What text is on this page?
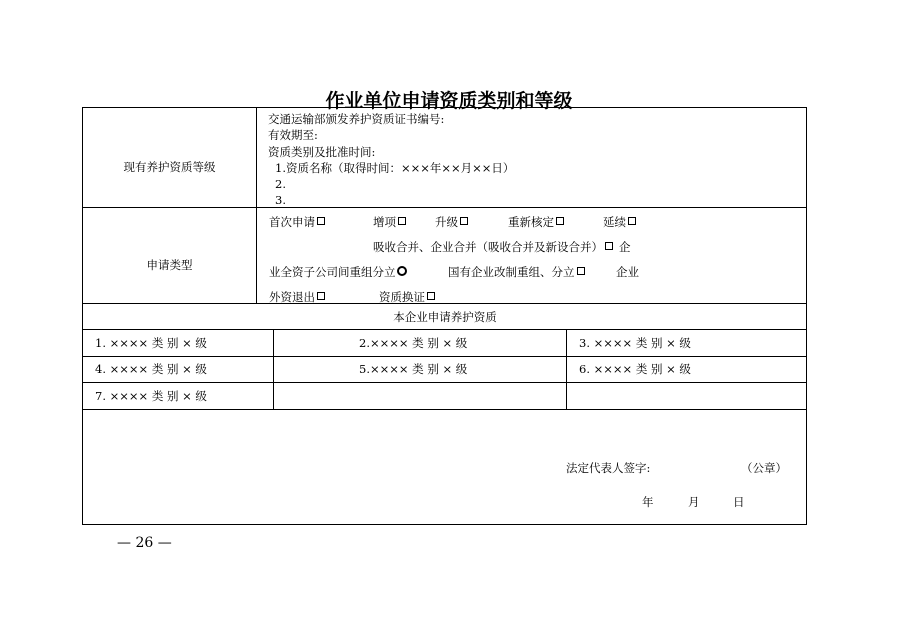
作业单位申请资质类别和等级
现有养护资质等级
交通运输部颁发养护资质证书编号:
有效期至:
资质类别及批准时间:
1.资质名称（取得时间：×××年××月××日）
2.
3.
申请类型
首次申请	增项	升级	重新核定	延续
吸收合并、企业合并（吸收合并及新设合并） 企
业全资子公司间重组分立	国有企业改制重组、分立	企业
外资退出	资质换证
本企业申请养护资质
1. ×××× 类 别 × 级	2.×××× 类 别 × 级	3. ×××× 类 别 × 级
4. ×××× 类 别 × 级	5.×××× 类 别 × 级	6. ×××× 类 别 × 级
7. ×××× 类 别 × 级
法定代表人签字:	（公章）
年	月	日
— 26 —
